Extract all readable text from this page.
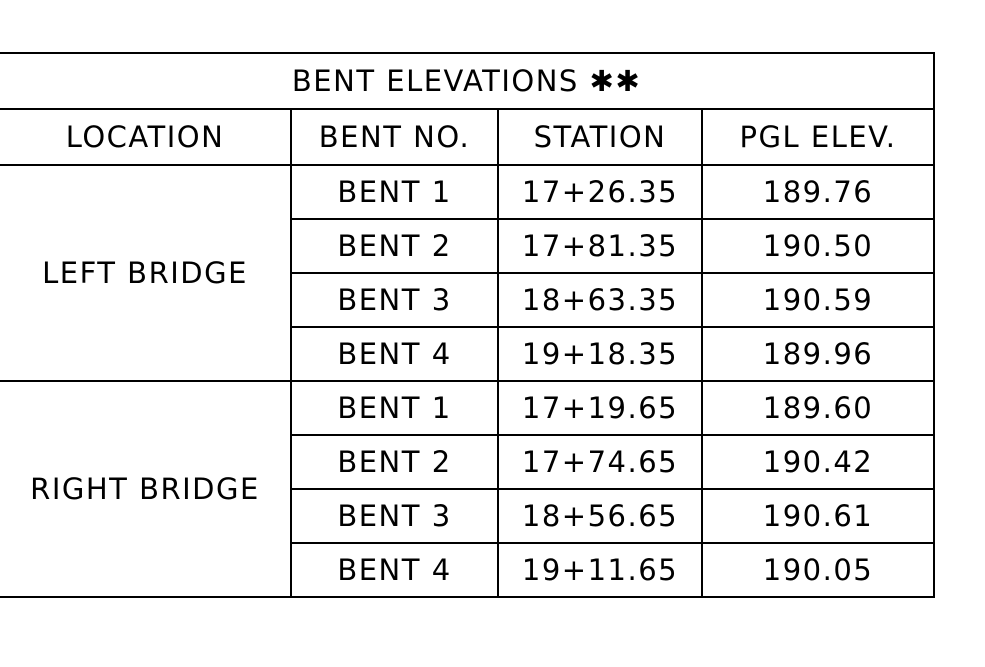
BENT ELEVATIONS ✱✱			
LOCATION	BENT NO.	STATION	PGL ELEV.
LEFT BRIDGE	BENT 1	17+26.35	189.76
	BENT 2	17+81.35	190.50
	BENT 3	18+63.35	190.59
	BENT 4	19+18.35	189.96
RIGHT BRIDGE	BENT 1	17+19.65	189.60
	BENT 2	17+74.65	190.42
	BENT 3	18+56.65	190.61
	BENT 4	19+11.65	190.05
